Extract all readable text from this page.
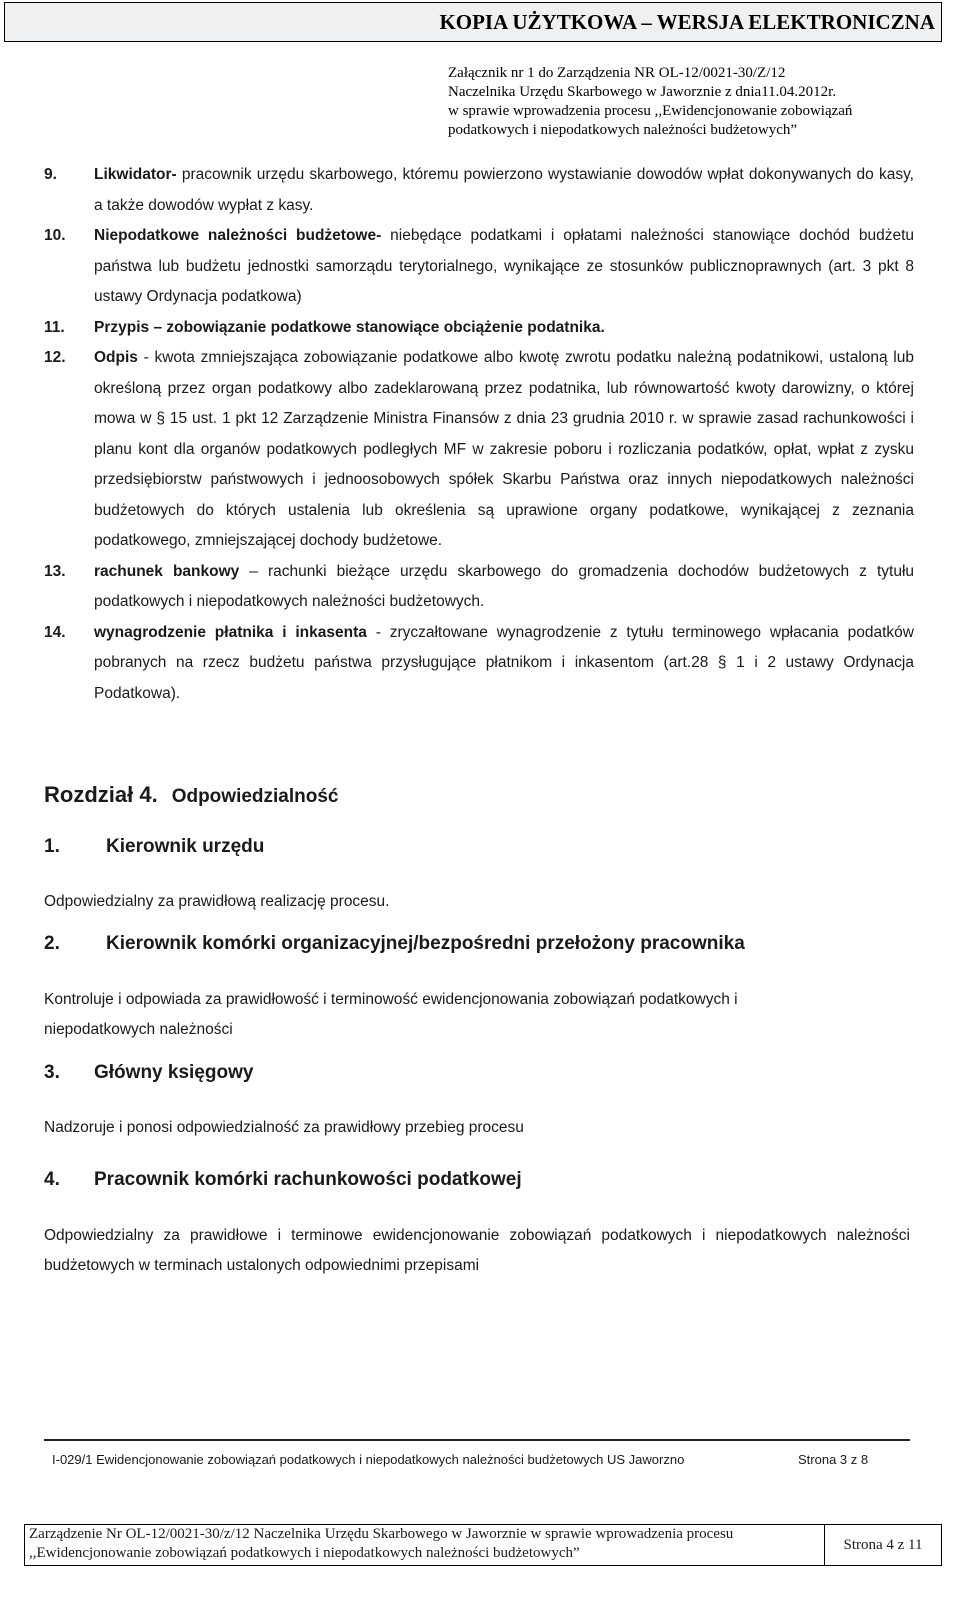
KOPIA UŻYTKOWA – WERSJA ELEKTRONICZNA
Załącznik nr 1 do Zarządzenia NR OL-12/0021-30/Z/12
Naczelnika Urzędu Skarbowego w Jaworznie z dnia11.04.2012r.
w sprawie wprowadzenia procesu ,,Ewidencjonowanie zobowiązań
podatkowych i niepodatkowych należności budżetowych”
9. Likwidator- pracownik urzędu skarbowego, któremu powierzono wystawianie dowodów wpłat dokonywanych do kasy, a także dowodów wypłat z kasy.
10. Niepodatkowe należności budżetowe- niebędące podatkami i opłatami należności stanowiące dochód budżetu państwa lub budżetu jednostki samorządu terytorialnego, wynikające ze stosunków publicznoprawnych (art. 3 pkt 8 ustawy Ordynacja podatkowa)
11. Przypis – zobowiązanie podatkowe stanowiące obciążenie podatnika.
12. Odpis - kwota zmniejszająca zobowiązanie podatkowe albo kwotę zwrotu podatku należną podatnikowi, ustaloną lub określoną przez organ podatkowy albo zadeklarowaną przez podatnika, lub równowartość kwoty darowizny, o której mowa w § 15 ust. 1 pkt 12 Zarządzenie Ministra Finansów z dnia 23 grudnia 2010 r. w sprawie zasad rachunkowości i planu kont dla organów podatkowych podległych MF w zakresie poboru i rozliczania podatków, opłat, wpłat z zysku przedsiębiorstw państwowych i jednoosobowych spółek Skarbu Państwa oraz innych niepodatkowych należności budżetowych do których ustalenia lub określenia są uprawione organy podatkowe, wynikającej z zeznania podatkowego, zmniejszającej dochody budżetowe.
13. rachunek bankowy – rachunki bieżące urzędu skarbowego do gromadzenia dochodów budżetowych z tytułu podatkowych i niepodatkowych należności budżetowych.
14. wynagrodzenie płatnika i inkasenta - zryczałtowane wynagrodzenie z tytułu terminowego wpłacania podatków pobranych na rzecz budżetu państwa przysługujące płatnikom i inkasentom (art.28 § 1 i 2 ustawy Ordynacja Podatkowa).
Rozdział 4. Odpowiedzialność
1. Kierownik urzędu
Odpowiedzialny za prawidłową realizację procesu.
2. Kierownik komórki organizacyjnej/bezpośredni przełożony pracownika
Kontroluje i odpowiada za prawidłowość i terminowość ewidencjonowania zobowiązań podatkowych i niepodatkowych należności
3. Główny księgowy
Nadzoruje i ponosi odpowiedzialność za prawidłowy przebieg procesu
4. Pracownik komórki rachunkowości podatkowej
Odpowiedzialny za prawidłowe i terminowe ewidencjonowanie zobowiązań podatkowych i niepodatkowych należności budżetowych w terminach ustalonych odpowiednimi przepisami
I-029/1 Ewidencjonowanie zobowiązań podatkowych i niepodatkowych należności budżetowych US Jaworzno	Strona 3 z 8
Zarządzenie Nr OL-12/0021-30/z/12 Naczelnika Urzędu Skarbowego w Jaworznie w sprawie wprowadzenia procesu
,,Ewidencjonowanie zobowiązań podatkowych i niepodatkowych należności budżetowych”	Strona 4 z 11
